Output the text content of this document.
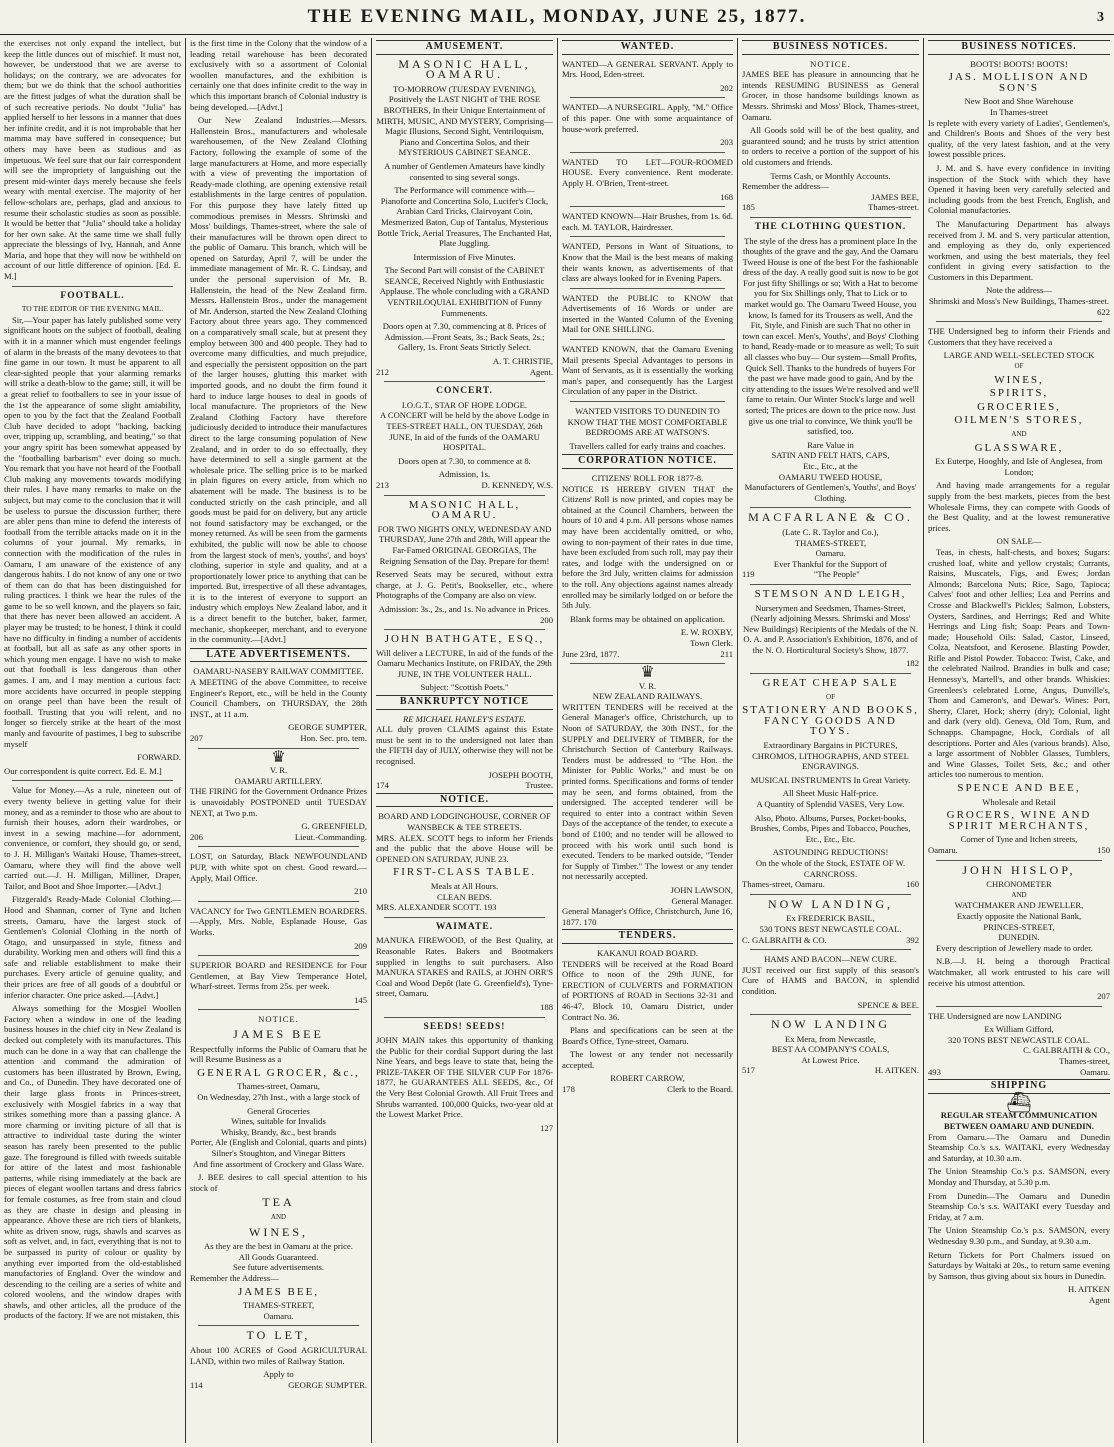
THE EVENING MAIL, MONDAY, JUNE 25, 1877.	3

the exercises not only expand the intellect, but keep the little dunces out of mischief. It must not, however, be understood that we are averse to holidays; on the contrary, we are advocates for them; but we do think that the school authorities are the fittest judges of what the duration shall be of such recreative periods. No doubt "Julia" has applied herself to her lessons in a manner that does her infinite credit, and it is not improbable that her mamma may have suffered in consequence; but others may have been as studious and as impetuous. We feel sure that our fair correspondent will see the impropriety of languishing out the present mid-winter days merely because she feels weary with mental exercise. The majority of her fellow-scholars are, perhaps, glad and anxious to resume their scholastic studies as soon as possible. It would be better that "Julia" should take a holiday for her own sake. At the same time we shall fully appreciate the blessings of Ivy, Hannah, and Anne Maria, and hope that they will now be withheld on account of our little difference of opinion. [Ed. E. M.]

FOOTBALL.
TO THE EDITOR OF THE EVENING MAIL.

Sir,—Your paper has lately published some very significant hoots on the subject of football, dealing with it in a manner which must engender feelings of alarm in the breasts of the many devotees to that fine game in our town. It must be apparent to all clear-sighted people that your alarming remarks will strike a death-blow to the game; still, it will be a great relief to footballers to see in your issue of the 1st the appearance of some slight amiability, open to you by the fact that the Zealand Football Club have decided to adopt "hacking, backing over, tripping up, scrambling, and beating," so that your angry spirit has been somewhat appeased by the "footballing barbarism" ever doing so much. You remark that you have not heard of the Football Club making any movements towards modifying their rules. I have many remarks to make on the subject, but may come to the conclusion that it will be useless to pursue the discussion further; there are abler pens than mine to defend the interests of football from the terrible attacks made on it in the columns of your journal. My remarks, in connection with the modification of the rules in Oamaru, I am unaware of the existence of any dangerous habits. I do not know of any one or two of them can do that has been distinguished for ruling practices. I think we hear the rules of the game to be so well known, and the players so fair, that there has never been allowed an accident. A player may be trusted; to be honest, I think it could have no difficulty in finding a number of accidents at football, but all as safe as any other sports in which young men engage. I have no wish to make out that football is less dangerous than other games. I am, and I may mention a curious fact: more accidents have occurred in people stepping on orange peel than have been the result of football. Trusting that you will relent, and no longer so fiercely strike at the heart of the most manly and favourite of pastimes, I beg to subscribe myself

FORWARD.

Our correspondent is quite correct. Ed. E. M.]

Value for Money.—As a rule, nineteen out of every twenty believe in getting value for their money, and as a reminder to those who are about to furnish their houses, adorn their wardrobes, or invest in a sewing machine—for adornment, convenience, or comfort, they should go, or send, to J. H. Milligan's Waitaki House, Thames-street, Oamaru, where they will find the above well carried out.—J. H. Milligan, Milliner, Draper, Tailor, and Boot and Shoe Importer.—[Advt.]

Fitzgerald's Ready-Made Colonial Clothing.—Hood and Shannan, corner of Tyne and Itchen streets, Oamaru, have the largest stock of Gentlemen's Colonial Clothing in the north of Otago, and unsurpassed in style, fitness and durability. Working men and others will find this a safe and reliable establishment to make their purchases. Every article of genuine quality, and their prices are free of all goods of a doubtful or inferior character. One price asked.—[Advt.]

Always something for the Mosgiel Woollen Factory when a window in one of the leading business houses in the chief city in New Zealand is decked out completely with its manufactures. This much can be done in a way that can challenge the attention and command the admiration of customers has been illustrated by Brown, Ewing, and Co., of Dunedin. They have decorated one of their large glass fronts in Princes-street, exclusively with Mosgiel fabrics in a way that strikes something more than a passing glance. A more charming or inviting picture of all that is attractive to individual taste during the winter season has rarely been presented to the public gaze. The foreground is filled with tweeds suitable for attire of the latest and most fashionable patterns, while rising immediately at the back are pieces of elegant woollen tartans and dress fabrics for female costumes, as free from stain and cloud as they are chaste in design and pleasing in appearance. Above these are rich tiers of blankets, white as driven snow, rugs, shawls and scarves as soft as velvet, and, in fact, everything that is not to be surpassed in purity of colour or quality by anything ever imported from the old-established manufactories of England. Over the window and descending to the ceiling are a series of white and colored woolens, and the window drapes with shawls, and other articles, all the produce of the products of the factory. If we are not mistaken, this

is the first time in the Colony that the window of a leading retail warehouse has been decorated exclusively with so a assortment of Colonial woollen manufactures, and the exhibition is certainly one that does infinite credit to the way in which this important branch of Colonial industry is being developed.—[Advt.]

Our New Zealand Industries.—Messrs. Hallenstein Bros., manufacturers and wholesale warehousemen, of the New Zealand Clothing Factory, following the example of some of the large manufacturers at Home, and more especially with a view of preventing the importation of Ready-made clothing, are opening extensive retail establishments in the large centres of population. For this purpose they have lately fitted up commodious premises in Messrs. Shrimski and Moss' buildings, Thames-street, where the sale of their manufactures will be thrown open direct to the public of Oamaru. This branch, which will be opened on Saturday, April 7, will be under the immediate management of Mr. R. C. Lindsay, and under the personal supervision of Mr. B. Hallenstein, the head of the New Zealand firm. Messrs. Hallenstein Bros., under the management of Mr. Anderson, started the New Zealand Clothing Factory about three years ago. They commenced on a comparatively small scale, but at present they employ between 300 and 400 people. They had to overcome many difficulties, and much prejudice, and especially the persistent opposition on the part of the larger houses, glutting this market with imported goods, and no doubt the firm found it hard to induce large houses to deal in goods of local manufacture. The proprietors of the New Zealand Clothing Factory have therefore judiciously decided to introduce their manufactures direct to the large consuming population of New Zealand, and in order to do so effectually, they have determined to sell a single garment at the wholesale price. The selling price is to be marked in plain figures on every article, from which no abatement will be made. The business is to be conducted strictly on the cash principle, and all goods must be paid for on delivery, but any article not found satisfactory may be exchanged, or the money returned. As will be seen from the garments exhibited, the public will now be able to choose from the largest stock of men's, youths', and boys' clothing, superior in style and quality, and at a proportionately lower price to anything that can be imported. But, irrespective of all these advantages, it is to the interest of everyone to support an industry which employs New Zealand labor, and it is a direct benefit to the butcher, baker, farmer, mechanic, shopkeeper, merchant, and to everyone in the community.—[Advt.]

LATE ADVERTISEMENTS.
OAMARU-NASEBY RAILWAY COMMITTEE.

A MEETING of the above Committee, to receive Engineer's Report, etc., will be held in the County Council Chambers, on THURSDAY, the 28th INST., at 11 a.m.

GEORGE SUMPTER,
207	Hon. Sec. pro. tem.
♛
V. R.
OAMARU ARTILLERY.

THE FIRING for the Government Ordnance Prizes is unavoidably POSTPONED until TUESDAY NEXT, at Two p.m.

G. GREENFIELD,
206	Lieut.-Commanding.

LOST, on Saturday, Black NEWFOUNDLAND PUP, with white spot on chest. Good reward.—Apply, Mail Office.

210

VACANCY for Two GENTLEMEN BOARDERS.—Apply, Mrs. Noble, Esplanade House, Gas Works.

209

SUPERIOR BOARD and RESIDENCE for Four Gentlemen, at Bay View Temperance Hotel, Wharf-street. Terms from 25s. per week.

145
NOTICE.
JAMES BEE

Respectfully informs the Public of Oamaru that he will Resume Business as a

GENERAL GROCER, &c.,
Thames-street, Oamaru,

On Wednesday, 27th Inst., with a large stock of

General Groceries
Wines, suitable for Invalids
Whisky, Brandy, &c., best brands
Porter, Ale (English and Colonial, quarts and pints)
Silner's Stoughton, and Vinegar Bitters
And fine assortment of Crockery and Glass Ware.

J. BEE desires to call special attention to his stock of

TEA
AND
WINES,
As they are the best in Oamaru at the price.
All Goods Guaranteed.
See future advertisements.
Remember the Address—
JAMES BEE,
THAMES-STREET,
Oamaru.
TO LET,

About 100 ACRES of Good AGRICULTURAL LAND, within two miles of Railway Station.

Apply to
114	GEORGE SUMPTER.
AMUSEMENT.
MASONIC HALL, OAMARU.

TO-MORROW (TUESDAY EVENING), Positively the LAST NIGHT of THE ROSE BROTHERS, In their Unique Entertainment of MIRTH, MUSIC, AND MYSTERY, Comprising— Magic Illusions, Second Sight, Ventriloquism, Piano and Concertina Solos, and their MYSTERIOUS CABINET SEANCE.

A number of Gentlemen Amateurs have kindly consented to sing several songs.

The Performance will commence with— Pianoforte and Concertina Solo, Lucifer's Clock, Arabian Card Tricks, Clairvoyant Coin, Mesmerized Baton, Cup of Tantalus, Mysterious Bottle Trick, Aerial Treasures, The Enchanted Hat, Plate Juggling.

Intermission of Five Minutes.

The Second Part will consist of the CABINET SEANCE, Received Nightly with Enthusiastic Applause. The whole concluding with a GRAND VENTRILOQUIAL EXHIBITION of Funny Fummenents.

Doors open at 7.30, commencing at 8. Prices of Admission.—Front Seats, 3s.; Back Seats, 2s.; Gallery, 1s. Front Seats Strictly Select.

A. T. CHRISTIE,
212	Agent.
CONCERT.
I.O.G.T., STAR OF HOPE LODGE.

A CONCERT will be held by the above Lodge in TEES-STREET HALL, ON TUESDAY, 26th JUNE, In aid of the funds of the OAMARU HOSPITAL.

Doors open at 7.30, to commence at 8.

Admission, 1s.
213	D. KENNEDY, W.S.
MASONIC HALL, OAMARU.

FOR TWO NIGHTS ONLY, WEDNESDAY AND THURSDAY, June 27th and 28th, Will appear the Far-Famed ORIGINAL GEORGIAS, The Reigning Sensation of the Day. Prepare for them!

Reserved Seats may be secured, without extra charge, at J. G. Petit's, Bookseller, etc., where Photographs of the Company are also on view.

Admission: 3s., 2s., and 1s. No advance in Prices.
200
JOHN BATHGATE, ESQ.,

Will deliver a LECTURE, In aid of the funds of the Oamaru Mechanics Institute, on FRIDAY, the 29th JUNE, IN THE VOLUNTEER HALL.

Subject: "Scottish Poets."
BANKRUPTCY NOTICE
RE MICHAEL HANLEY'S ESTATE.

ALL duly proven CLAIMS against this Estate must be sent in to the undersigned not later than the FIFTH day of JULY, otherwise they will not be recognised.

JOSEPH BOOTH,
174	Trustee.
NOTICE.
BOARD AND LODGINGHOUSE, CORNER OF WANSBECK & TEE STREETS.

MRS. ALEX. SCOTT begs to inform her Friends and the public that the above House will be OPENED ON SATURDAY, JUNE 23.

FIRST-CLASS TABLE.
Meals at All Hours.
CLEAN BEDS.
MRS. ALEXANDER SCOTT. 193
WAIMATE.

MANUKA FIREWOOD, of the Best Quality, at Reasonable Rates. Bakers and Bootmakers supplied in lengths to suit purchasers. Also MANUKA STAKES and RAILS, at JOHN ORR'S Coal and Wood Depôt (late G. Greenfield's), Tyne-street, Oamaru.

188
SEEDS! SEEDS!

JOHN MAIN takes this opportunity of thanking the Public for their cordial Support during the last Nine Years, and begs leave to state that, being the PRIZE-TAKER OF THE SILVER CUP For 1876-1877, he GUARANTEES ALL SEEDS, &c., Of the Very Best Colonial Growth. All Fruit Trees and Shrubs warranted. 100,000 Quicks, two-year old at the Lowest Market Price.

127
WANTED.

WANTED—A GENERAL SERVANT. Apply to Mrs. Hood, Eden-street.

202

WANTED—A NURSEGIRL. Apply, "M." Office of this paper. One with some acquaintance of house-work preferred.

203

WANTED TO LET—FOUR-ROOMED HOUSE. Every convenience. Rent moderate. Apply H. O'Brien, Trent-street.

168

WANTED KNOWN—Hair Brushes, from 1s. 6d. each. M. TAYLOR, Hairdresser.

WANTED, Persons in Want of Situations, to Know that the Mail is the best means of making their wants known, as advertisements of that class are always looked for in Evening Papers.

WANTED the PUBLIC to KNOW that Advertisements of 16 Words or under are inserted in the Wanted Column of the Evening Mail for ONE SHILLING.

WANTED KNOWN, that the Oamaru Evening Mail presents Special Advantages to persons in Want of Servants, as it is essentially the working man's paper, and consequently has the Largest Circulation of any paper in the District.

WANTED VISITORS TO DUNEDIN TO KNOW THAT THE MOST COMFORTABLE BEDROOMS ARE AT WATSON'S.

Travellers called for early trains and coaches.

CORPORATION NOTICE.
CITIZENS' ROLL FOR 1877-8.

NOTICE IS HEREBY GIVEN THAT the Citizens' Roll is now printed, and copies may be obtained at the Council Chambers, between the hours of 10 and 4 p.m. All persons whose names may have been accidentally omitted, or who, owing to non-payment of their rates in due time, have been excluded from such roll, may pay their rates, and lodge with the undersigned on or before the 3rd July, written claims for admission to the roll. Any objections against names already enrolled may be similarly lodged on or before the 5th July.

Blank forms may be obtained on application.

E. W. ROXBY,
Town Clerk.
June 23rd, 1877.	211
♛
V. R.
NEW ZEALAND RAILWAYS.

WRITTEN TENDERS will be received at the General Manager's office, Christchurch, up to Noon of SATURDAY, the 30th INST., for the SUPPLY and DELIVERY of TIMBER, for the Christchurch Section of Canterbury Railways. Tenders must be addressed to "The Hon. the Minister for Public Works," and must be on printed forms. Specifications and forms of tender may be seen, and forms obtained, from the undersigned. The accepted tenderer will be required to enter into a contract within Seven Days of the acceptance of the tender, to execute a bond of £100; and no tender will be allowed to proceed with his work until such bond is executed. Tenders to be marked outside, "Tender for Supply of Timber." The lowest or any tender not necessarily accepted.

JOHN LAWSON,
General Manager.
General Manager's Office, Christchurch, June 16, 1877. 170
TENDERS.
KAKANUI ROAD BOARD.

TENDERS will be received at the Road Board Office to noon of the 29th JUNE, for ERECTION of CULVERTS and FORMATION of PORTIONS of ROAD in Sections 32-31 and 46-47, Block 10, Oamaru District, under Contract No. 36.

Plans and specifications can be seen at the Board's Office, Tyne-street, Oamaru.

The lowest or any tender not necessarily accepted.

ROBERT CARROW,
178	Clerk to the Board.
BUSINESS NOTICES.
NOTICE.

JAMES BEE has pleasure in announcing that he intends RESUMING BUSINESS as General Grocer, in those handsome buildings known as Messrs. Shrimski and Moss' Block, Thames-street, Oamaru.

All Goods sold will be of the best quality, and guaranteed sound; and he trusts by strict attention to orders to receive a portion of the support of his old customers and friends.

Terms Cash, or Monthly Accounts.
Remember the address—
JAMES BEE,
185	Thames-street.
THE CLOTHING QUESTION.

The style of the dress has a prominent place In the thoughts of the grave and the gay, And the Oamaru Tweed House is one of the best For the fashionable dress of the day. A really good suit is now to be got For just fifty Shillings or so; With a Hat to become you for Six Shillings only, That to Lick or to market would go. The Oamaru Tweed House, you know, Is famed for its Trousers as well, And the Fit, Style, and Finish are such That no other in town can excel. Men's, Youths', and Boys' Clothing to hand, Ready-made or to measure as well; To suit all classes who buy— Our system—Small Profits, Quick Sell. Thanks to the hundreds of buyers For the past we have made good to gain, And by the city attending to the issues We're resolved and we'll fame to retain. Our Winter Stock's large and well sorted; The prices are down to the price now. Just give us one trial to convince, We think you'll be satisfied, too.

Rare Value in
SATIN AND FELT HATS, CAPS,
Etc., Etc., at the
OAMARU TWEED HOUSE,

Manufacturers of Gentlemen's, Youths', and Boys' Clothing.

MACFARLANE & CO.
(Late C. R. Taylor and Co.),
THAMES-STREET,
Oamaru.
Ever Thankful for the Support of
119	"The People"
STEMSON AND LEIGH,
Nurserymen and Seedsmen, Thames-Street,

(Nearly adjoining Messrs. Shrimski and Moss' New Buildings) Recipients of the Medals of the N. O. A. and P. Association's Exhibition, 1876, and of the N. O. Horticultural Society's Show, 1877.

182
GREAT CHEAP SALE
OF
STATIONERY AND BOOKS, FANCY GOODS AND TOYS.

Extraordinary Bargains in PICTURES, CHROMOS, LITHOGRAPHS, AND STEEL ENGRAVINGS.

MUSICAL INSTRUMENTS In Great Variety.

All Sheet Music Half-price.

A Quantity of Splendid VASES, Very Low.

Also, Photo. Albums, Purses, Pocket-books, Brushes, Combs, Pipes and Tobacco, Pouches, Etc., Etc., Etc.

ASTOUNDING REDUCTIONS!
On the whole of the Stock, ESTATE OF W. CARNCROSS.
Thames-street, Oamaru.	160
NOW LANDING,
Ex FREDERICK BASIL,
530 TONS BEST NEWCASTLE COAL.
C. GALBRAITH & CO.	392
HAMS AND BACON—NEW CURE.

JUST received our first supply of this season's Cure of HAMS and BACON, in splendid condition.

SPENCE & BEE.
NOW LANDING
Ex Mera, from Newcastle,
BEST AA COMPANY'S COALS,
At Lowest Price.
517	H. AITKEN.
BUSINESS NOTICES.
BOOTS! BOOTS! BOOTS!
JAS. MOLLISON AND SON'S
New Boot and Shoe Warehouse
In Thames-street

Is replete with every variety of Ladies', Gentlemen's, and Children's Boots and Shoes of the very best quality, of the very latest fashion, and at the very lowest possible prices.

J. M. and S. have every confidence in inviting inspection of the Stock with which they have Opened it having been very carefully selected and including goods from the best French, English, and Colonial manufactories.

The Manufacturing Department has always received from J. M. and S. very particular attention, and employing as they do, only experienced workmen, and using the best materials, they feel confident in giving every satisfaction to the Customers in this Department.

Note the address—
Shrimski and Moss's New Buildings, Thames-street.
622

THE Undersigned beg to inform their Friends and Customers that they have received a

LARGE AND WELL-SELECTED STOCK
OF
WINES,
SPIRITS,
GROCERIES,
OILMEN'S STORES,
AND
GLASSWARE,

Ex Euterpe, Hooghly, and Isle of Anglesea, from London;

And having made arrangements for a regular supply from the best markets, pieces from the best Wholesale Firms, they can compete with Goods of the Best Quality, and at the lowest remunerative prices.

ON SALE—

Teas, in chests, half-chests, and boxes; Sugars: crushed loaf, white and yellow crystals; Currants, Raisins, Muscatels, Figs, and Ewes; Jordan Almonds; Barcelona Nuts; Rice, Sago, Tapioca; Calves' foot and other Jellies; Lea and Perrins and Crosse and Blackwell's Pickles; Salmon, Lobsters, Oysters, Sardines, and Herrings; Red and White Herrings and Ling fish; Soap: Pears and Town-made; Household Oils: Salad, Castor, Linseed, Colza, Neatsfoot, and Kerosene. Blasting Powder, Rifle and Pistol Powder. Tobacco: Twist, Cake, and the celebrated Nailrod. Brandies in bulk and case; Hennessy's, Martell's, and other brands. Whiskies: Greenlees's celebrated Lorne, Angus, Dunville's, Thom and Cameron's, and Dewar's. Wines: Port, Sherry, Claret, Hock; sherry (dry); Colonial, light and dark (very old). Geneva, Old Tom, Rum, and Schnapps. Champagne, Hock, Cordials of all descriptions. Porter and Ales (various brands). Also, a large assortment of Nobbler Glasses, Tumblers, and Wine Glasses, Toilet Sets, &c.; and other articles too numerous to mention.

SPENCE AND BEE,
Wholesale and Retail
GROCERS, WINE AND SPIRIT MERCHANTS,
Corner of Tyne and Itchen streets,
Oamaru.	150
JOHN HISLOP,
CHRONOMETER
AND
WATCHMAKER AND JEWELLER,
Exactly opposite the National Bank,
PRINCES-STREET,
DUNEDIN.

Every description of Jewellery made to order.

N.B.—J. H. being a thorough Practical Watchmaker, all work entrusted to his care will receive his utmost attention.

207

THE Undersigned are now LANDING

Ex William Gifford,
320 TONS BEST NEWCASTLE COAL.
C. GALBRAITH & CO.,
Thames-street,
493	Oamaru.
SHIPPING
⛴
REGULAR STEAM COMMUNICATION BETWEEN OAMARU AND DUNEDIN.

From Oamaru.—The Oamaru and Dunedin Steamship Co.'s s.s. WAITAKI, every Wednesday and Saturday, at 10.30 a.m.

The Union Steamship Co.'s p.s. SAMSON, every Monday and Thursday, at 5.30 p.m.

From Dunedin—The Oamaru and Dunedin Steamship Co.'s s.s. WAITAKI every Tuesday and Friday, at 7 a.m.

The Union Steamship Co.'s p.s. SAMSON, every Wednesday 9.30 p.m., and Sunday, at 9.30 a.m.

Return Tickets for Port Chalmers issued on Saturdays by Waitaki at 20s., to return same evening by Samson, thus giving about six hours in Dunedin.

H. AITKEN
Agent
